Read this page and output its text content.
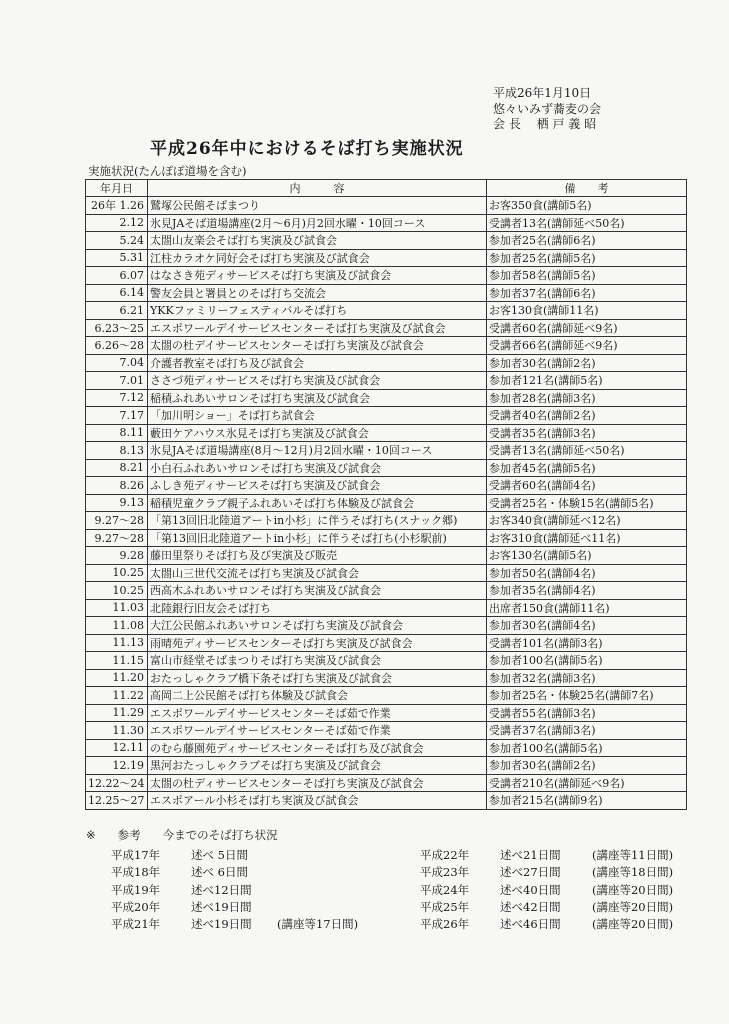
平成26年1月10日
悠々いみず蕎麦の会
会 長　 栖 戸 義 昭
平成26年中におけるそば打ち実施状況
実施状況(たんぽぽ道場を含む)
年月日	内　　　容	備　　考
26年 1.26	鷲塚公民館そばまつり	お客350食(講師5名)
2.12	氷見JAそば道場講座(2月～6月)月2回水曜・10回コース	受講者13名(講師延べ50名)
5.24	太閤山友楽会そば打ち実演及び試食会	参加者25名(講師6名)
5.31	江柱カラオケ同好会そば打ち実演及び試食会	参加者25名(講師5名)
6.07	はなさき苑ディサービスそば打ち実演及び試食会	参加者58名(講師5名)
6.14	警友会員と署員とのそば打ち交流会	参加者37名(講師6名)
6.21	YKKファミリーフェスティバルそば打ち	お客130食(講師11名)
6.23～25	エスポワールデイサービスセンターそば打ち実演及び試食会	受講者60名(講師延べ9名)
6.26～28	太閤の杜デイサービスセンターそば打ち実演及び試食会	受講者66名(講師延べ9名)
7.04	介護者教室そば打ち及び試食会	参加者30名(講師2名)
7.01	ささづ苑ディサービスそば打ち実演及び試食会	参加者121名(講師5名)
7.12	稲積ふれあいサロンそば打ち実演及び試食会	参加者28名(講師3名)
7.17	「加川明ショー」そば打ち試食会	受講者40名(講師2名)
8.11	藪田ケアハウス氷見そば打ち実演及び試食会	受講者35名(講師3名)
8.13	氷見JAそば道場講座(8月～12月)月2回水曜・10回コース	受講者13名(講師延べ50名)
8.21	小白石ふれあいサロンそば打ち実演及び試食会	参加者45名(講師5名)
8.26	ふしき苑ディサービスそば打ち実演及び試食会	受講者60名(講師4名)
9.13	稲積児童クラブ親子ふれあいそば打ち体験及び試食会	受講者25名・体験15名(講師5名)
9.27～28	「第13回旧北陸道アートin小杉」に伴うそば打ち(スナック郷)	お客340食(講師延べ12名)
9.27～28	「第13回旧北陸道アートin小杉」に伴うそば打ち(小杉駅前)	お客310食(講師延べ11名)
9.28	藤田里祭りそば打ち及び実演及び販売	お客130名(講師5名)
10.25	太閤山三世代交流そば打ち実演及び試食会	参加者50名(講師4名)
10.25	西高木ふれあいサロンそば打ち実演及び試食会	参加者35名(講師4名)
11.03	北陸銀行旧友会そば打ち	出席者150食(講師11名)
11.08	大江公民館ふれあいサロンそば打ち実演及び試食会	参加者30名(講師4名)
11.13	雨晴苑ディサービスセンターそば打ち実演及び試食会	受講者101名(講師3名)
11.15	富山市経堂そばまつりそば打ち実演及び試食会	参加者100名(講師5名)
11.20	おたっしゃクラブ橋下条そば打ち実演及び試食会	参加者32名(講師3名)
11.22	高岡二上公民館そば打ち体験及び試食会	参加者25名・体験25名(講師7名)
11.29	エスポワールデイサービスセンターそば茹で作業	受講者55名(講師3名)
11.30	エスポワールデイサービスセンターそば茹で作業	受講者37名(講師3名)
12.11	のむら藤園苑ディサービスセンターそば打ち及び試食会	参加者100名(講師5名)
12.19	黒河おたっしゃクラブそば打ち実演及び試食会	参加者30名(講師2名)
12.22～24	太閤の杜ディサービスセンターそば打ち実演及び試食会	受講者210名(講師延べ9名)
12.25～27	エスポアール小杉そば打ち実演及び試食会	参加者215名(講師9名)
※ 参考 今までのそば打ち状況
平成17年	述べ 5日間
平成18年	述べ 6日間
平成19年	述べ12日間
平成20年	述べ19日間
平成21年	述べ19日間 (講座等17日間)
平成22年	述べ21日間	(講座等11日間)
平成23年	述べ27日間	(講座等18日間)
平成24年	述べ40日間	(講座等20日間)
平成25年	述べ42日間	(講座等20日間)
平成26年	述べ46日間	(講座等20日間)
